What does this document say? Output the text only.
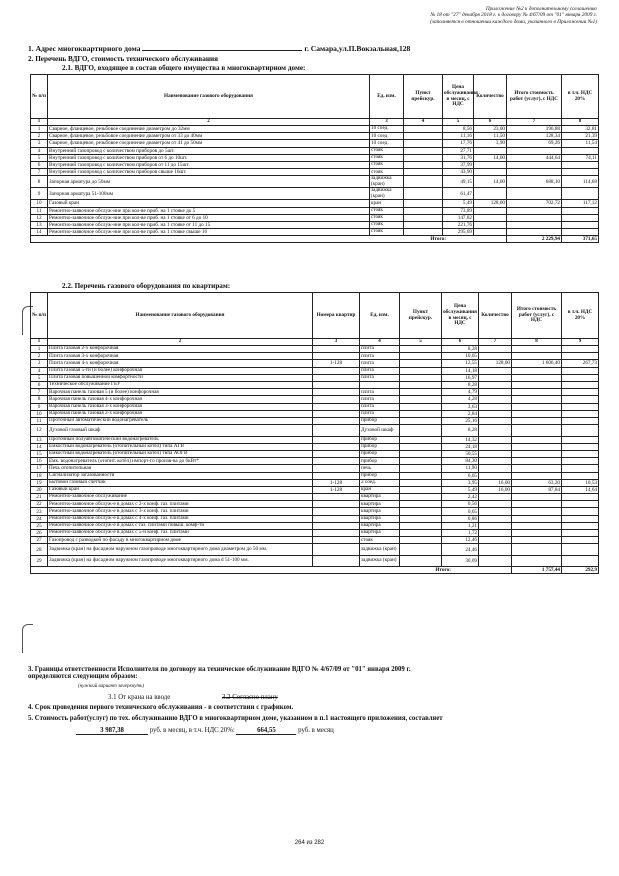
Приложение №2 к дополнительному соглашению
№ 18 от "27" декабря 2018 г. к договору № 4/67/09 от "01" января 2009 г.
(заполняется в отношении каждого дома, указанного в Приложении №1)
1. Адрес многоквартирного дома	г. Самара,ул.П.Вокзальная,128
2. Перечень ВДГО, стоимость технического обслуживания
2.1. ВДГО, входящее в состав общего имущества в многоквартирном доме:
№ п/п	Наименование газового оборудования	Ед. изм.	Пункт прейскур.	Цена обслуживания в месяц, с НДС	Количество	Итого стоимость работ (услуг), с НДС	в т.ч. НДС 20%
1	2	3	4	5	6	7	8
1	Сварное, фланцевое, резьбовое соединение диаметром до 32мм	10 соед.		8,56	23,00	196,88	32,81
2	Сварное, фланцевое, резьбовое соединение диаметром от 33 до 40мм	10 соед.		11,16	11,50	128,34	21,39
3	Сварное, фланцевое, резьбовое соединение диаметром от 41 до 50мм	10 соед.		17,76	3,90	69,26	11,54
4	Внутренний газопровод с количеством приборов до 5шт.	стояк		27,71			
5	Внутренний газопровод с количеством приборов от 6 до 10шт.	стояк		31,76	14,00	444,64	74,11
6	Внутренний газопровод с количеством приборов от 11 до 15шт.	стояк		37,99			
7	Внутренний газопровод с количеством приборов свыше 16шт.	стояк		43,90			
8	Запорная арматура до 50мм	задвижка (кран)		49,15	14,00	688,10	114,68
9	Запорная арматура 51-100мм	задвижка (кран)		61,47			
10	Газовый кран	кран		5,49	128,00	702,72	117,12
11	Ремонтно-заявочное обслуж-ние при кол-ве приб. на 1 стояке до 5	стояк		73,89			
12	Ремонтно-заявочное обслуж-ние при кол-ве приб. на 1 стояке от 6 до 10	стояк		147,82			
13	Ремонтно-заявочное обслуж-ние при кол-ве приб. на 1 стояке от 11 до 15	стояк		221,76			
14	Ремонтно-заявочное обслуж-ние при кол-ве приб. на 1 стояке свыше 16	стояк		295,69			
Итого:						2 229,94	371,65
2.2. Перечень газового оборудования по квартирам:
№ п/п	Наименование газового оборудования	Номера квартир	Ед. изм.	Пункт прейскур.	Цена обслуживания в месяц, с НДС	Количество	Итого стоимость работ (услуг), с НДС	в т.ч. НДС 20%
1	2	3	4	5	6	7	8	9
1	Плита газовая 2-х конфорочная		плита		8,28			
2	Плита газовая 3-х конфорочная		плита		10,65			
3	Плита газовая 4-х конфорочная	1-128	плита		12,55	128,00	1 606,40	267,73
4	Плита газовая 5-ти (и более) конфорочная		плита		14,18			
5	Плита газовая повышенной комфортности		плита		16,97			
6	Техническое обслуживание ГБУ				8,28			
7	Варочная панель газовая 5 (и более) конфорочная		плита		4,79			
8	Варочная панель газовая 4-х конфорочная		плита		4,28			
9	Варочная панель газовая 3-х конфорочная		плита		3,63			
10	Варочная панель газовая 2-х конфорочная		плита		2,84			
11	Проточный автоматический водонагреватель		прибор		25,16			
12	Духовой газовый шкаф		Духовой шкаф		8,28			
13	Проточный полуавтоматический водонагреватель		прибор		14,32			
14	Емкостный водонагреватель (отопительный котёл) типа АГВ		прибор		24,18			
15	Емкостный водонагреватель (отопительный котёл) типа АОГВ		прибор		50,55			
16	Емк. водонагреватель (отопит. котёл) импорт-го произв-ва до 6кВт*		прибор		84,30			
17	Печь отопительная		печь		11,90			
18	Сигнализатор загазованности		прибор		6,65			
19	Бытовой газовый счетчик	1-128	2 соед.		3,95	16,00	63,20	10,53
20	Газовый кран	1-128	кран		5,49	16,00	87,84	14,64
21	Ремонтно-заявочное обслуживание		квартира		2,42			
22	Ремонтно-заявочное обслуж-е в домах с 2-х конф. газ. плитами		квартира		0,56			
23	Ремонтно-заявочное обслуж-е в домах с 3-х конф. газ. плитами		квартира		0,65			
24	Ремонтно-заявочное обслуж-е в домах с 4-х конф. газ. плитами		квартира		0,86			
25	Ремонтно-заявочное обслуж-е в домах с газ. плитами повыш. комф-ти		квартира		1,21			
26	Ремонтно-заявочное обслуж-е в домах с 5-и конф. газ. плитами		квартира		1,72			
27	Газопровод с разводкой по фасаду в многоквартирном доме		стояк		12,46			
28	Задвижка (кран) на фасадном наружном газопроводе многоквартирного дома диаметром до 50 мм.		задвижка (кран)		24,46			
29	Задвижка (кран) на фасадном наружном газопроводе многоквартирного дома d 51-100 мм.		задвижка (кран)		30,69			
Итого:							1 757,44	292,9
3. Границы ответственности Исполнителя по договору на техническое обслуживание ВДГО № 4/67/09 от "01" января 2009 г.
определяются следующим образом:
(нужный вариант зачеркнуть)
3.1 От крана на вводе	3.2 Согласно плану
4. Срок проведения первого технического обслуживания - в соответствии с графиком.
5. Стоимость работ(услуг) по тех. обслуживанию ВДГО в многоквартирном доме, указанном в п.1 настоящего приложения, составляет
3 987,38	руб. в месяц, в т.ч. НДС 20%:	664,55	руб. в месяц
264 из 282
